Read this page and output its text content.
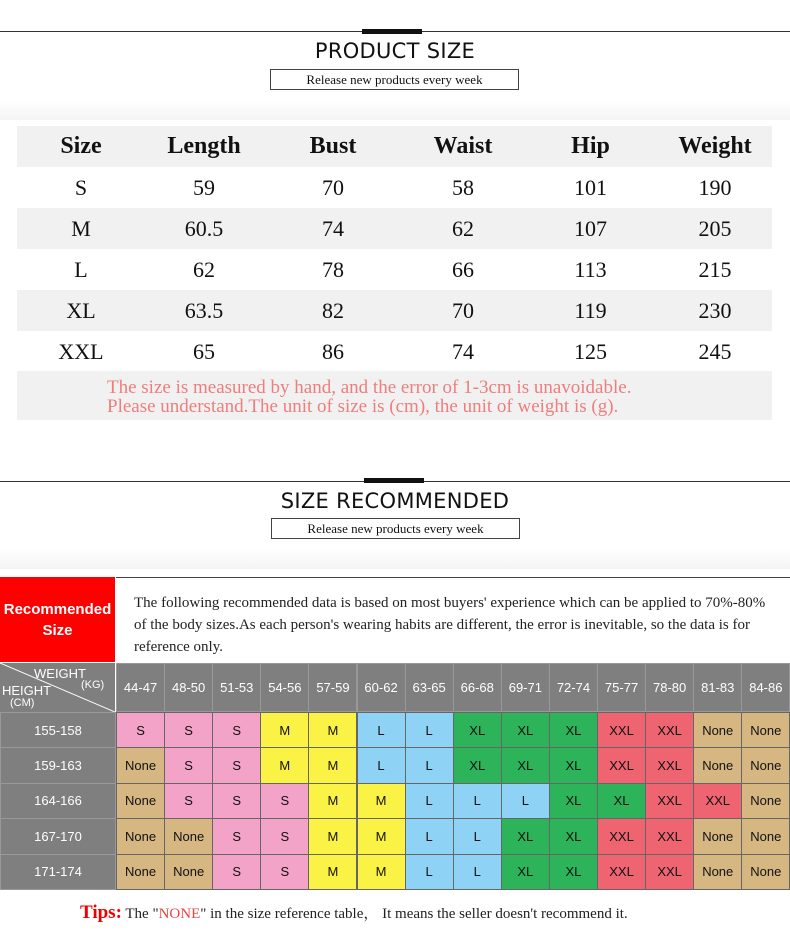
PRODUCT SIZE
Release new products every week
Size	Length	Bust	Waist	Hip	Weight
S	59	70	58	101	190
M	60.5	74	62	107	205
L	62	78	66	113	215
XL	63.5	82	70	119	230
XXL	65	86	74	125	245

The size is measured by hand, and the error of 1-3cm is unavoidable.

Please understand.The unit of size is (cm), the unit of weight is (g).

SIZE RECOMMENDED
Release new products every week
Recommended
Size
The following recommended data is based on most buyers' experience which can be applied to 70%-80% of the body sizes.As each person's wearing habits are different, the error is inevitable, so the data is for reference only.
WEIGHT
(KG)
HEIGHT
(CM)
44-47	48-50	51-53	54-56	57-59	60-62	63-65	66-68	69-71	72-74	75-77	78-80	81-83	84-86
155-158	S	S	S	M	M	L	L	XL	XL	XL	XXL	XXL	None	None
159-163	None	S	S	M	M	L	L	XL	XL	XL	XXL	XXL	None	None
164-166	None	S	S	S	M	M	L	L	L	XL	XL	XXL	XXL	None
167-170	None	None	S	S	M	M	L	L	XL	XL	XXL	XXL	None	None
171-174	None	None	S	S	M	M	L	L	XL	XL	XXL	XXL	None	None
Tips: The "NONE" in the size reference table， It means the seller doesn't recommend it.
